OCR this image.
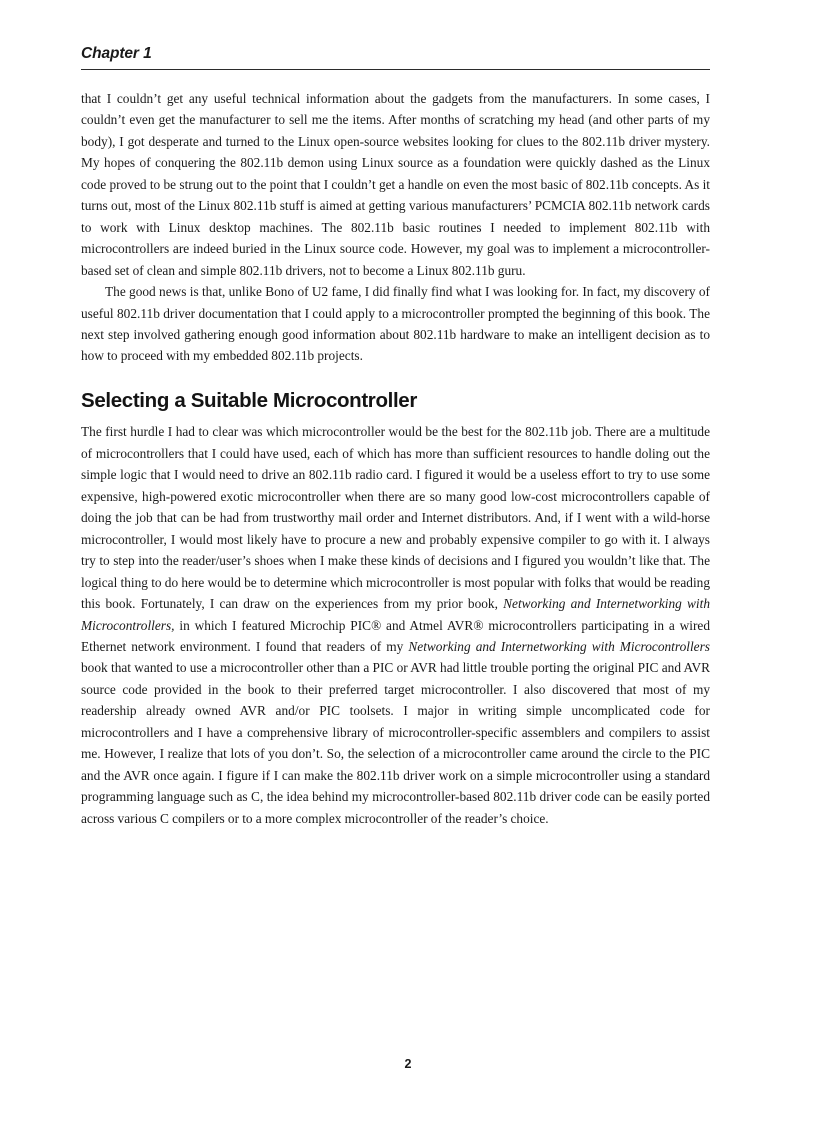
Chapter 1

that I couldn’t get any useful technical information about the gadgets from the manufacturers. In some cases, I couldn’t even get the manufacturer to sell me the items. After months of scratching my head (and other parts of my body), I got desperate and turned to the Linux open-source websites looking for clues to the 802.11b driver mystery. My hopes of conquering the 802.11b demon using Linux source as a foundation were quickly dashed as the Linux code proved to be strung out to the point that I couldn’t get a handle on even the most basic of 802.11b concepts. As it turns out, most of the Linux 802.11b stuff is aimed at getting various manufacturers’ PCMCIA 802.11b network cards to work with Linux desktop machines. The 802.11b basic routines I needed to implement 802.11b with microcontrollers are indeed buried in the Linux source code. However, my goal was to implement a microcontroller-based set of clean and simple 802.11b drivers, not to become a Linux 802.11b guru.

The good news is that, unlike Bono of U2 fame, I did finally find what I was looking for. In fact, my discovery of useful 802.11b driver documentation that I could apply to a microcontroller prompted the beginning of this book. The next step involved gathering enough good information about 802.11b hardware to make an intelligent decision as to how to proceed with my embedded 802.11b projects.

Selecting a Suitable Microcontroller

The first hurdle I had to clear was which microcontroller would be the best for the 802.11b job. There are a multitude of microcontrollers that I could have used, each of which has more than sufficient resources to handle doling out the simple logic that I would need to drive an 802.11b radio card. I figured it would be a useless effort to try to use some expensive, high-powered exotic microcontroller when there are so many good low-cost microcontrollers capable of doing the job that can be had from trustworthy mail order and Internet distributors. And, if I went with a wild-horse microcontroller, I would most likely have to procure a new and probably expensive compiler to go with it. I always try to step into the reader/user’s shoes when I make these kinds of decisions and I figured you wouldn’t like that. The logical thing to do here would be to determine which microcontroller is most popular with folks that would be reading this book. Fortunately, I can draw on the experiences from my prior book, Networking and Internetworking with Microcontrollers, in which I featured Microchip PIC® and Atmel AVR® microcontrollers participating in a wired Ethernet network environment. I found that readers of my Networking and Internetworking with Microcontrollers book that wanted to use a microcontroller other than a PIC or AVR had little trouble porting the original PIC and AVR source code provided in the book to their preferred target microcontroller. I also discovered that most of my readership already owned AVR and/or PIC toolsets. I major in writing simple uncomplicated code for microcontrollers and I have a comprehensive library of microcontroller-specific assemblers and compilers to assist me. However, I realize that lots of you don’t. So, the selection of a microcontroller came around the circle to the PIC and the AVR once again. I figure if I can make the 802.11b driver work on a simple microcontroller using a standard programming language such as C, the idea behind my microcontroller-based 802.11b driver code can be easily ported across various C compilers or to a more complex microcontroller of the reader’s choice.

2
